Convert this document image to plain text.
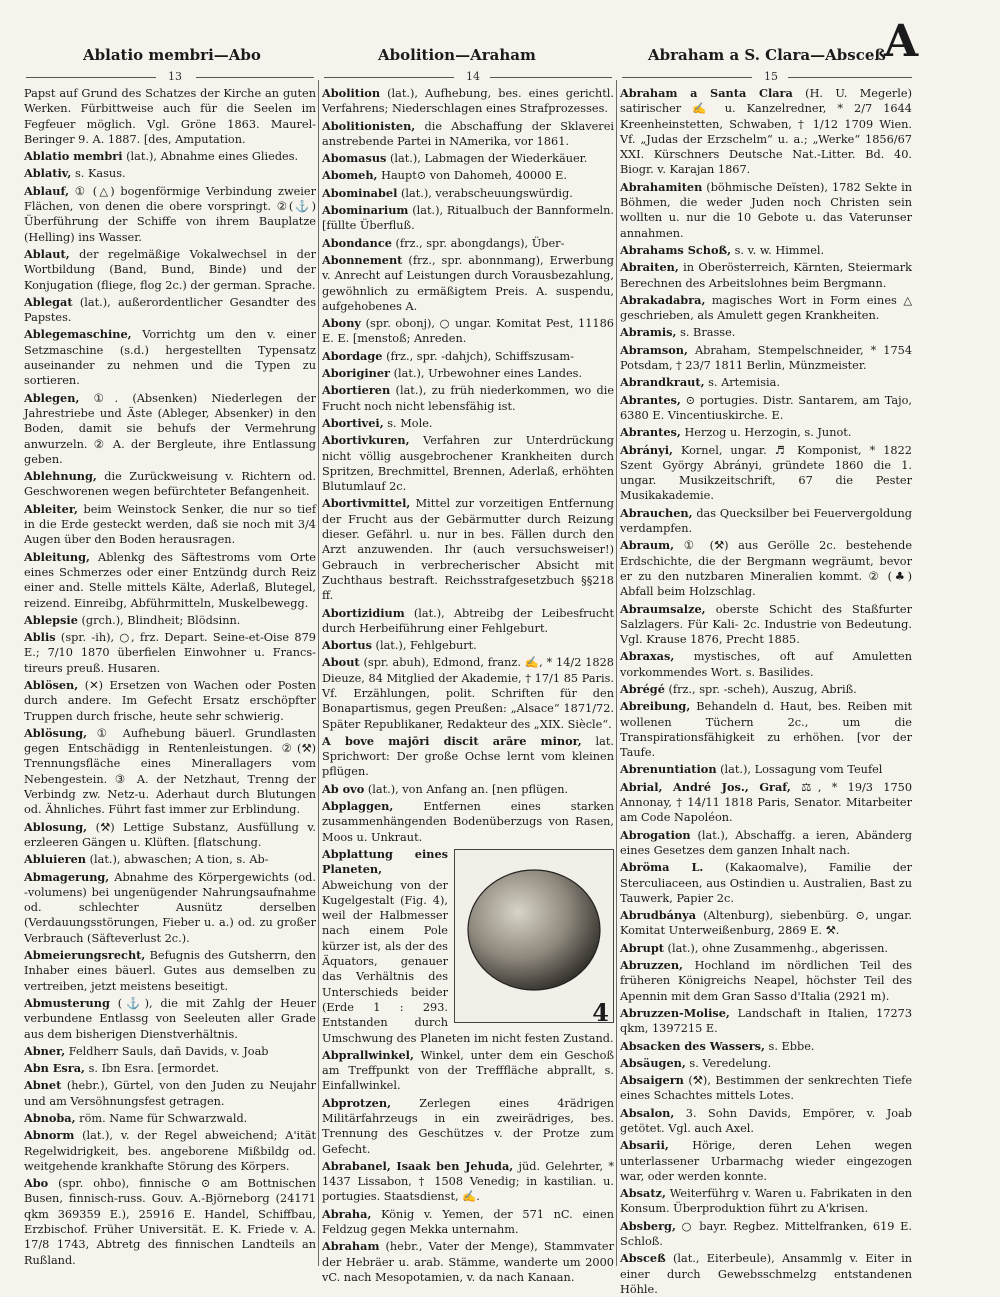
Ablatio membri—Abo	Abolition—Araham	Abraham a S. Clara—Absceß
A
13	14	15

Papst auf Grund des Schatzes der Kirche an guten Werken. Fürbittweise auch für die Seelen im Fegfeuer möglich. Vgl. Gröne 1863. Maurel-Beringer 9. A. 1887. [des, Amputation.

Ablatio membri (lat.), Abnahme eines Gliedes.

Ablativ, s. Kasus.

Ablauf, ① (△) bogenförmige Verbindung zweier Flächen, von denen die obere vorspringt. ②(⚓) Überführung der Schiffe von ihrem Bauplatze (Helling) ins Wasser.

Ablaut, der regelmäßige Vokalwechsel in der Wortbildung (Band, Bund, Binde) und der Konjugation (fliege, flog 2c.) der german. Sprache.

Ablegat (lat.), außerordentlicher Gesandter des Papstes.

Ablegemaschine, Vorrichtg um den v. einer Setzmaschine (s.d.) hergestellten Typensatz auseinander zu nehmen und die Typen zu sortieren.

Ablegen, ①. (Absenken) Niederlegen der Jahrestriebe und Äste (Ableger, Absenker) in den Boden, damit sie behufs der Vermehrung anwurzeln. ② A. der Bergleute, ihre Entlassung geben.

Ablehnung, die Zurückweisung v. Richtern od. Geschworenen wegen befürchteter Befangenheit.

Ableiter, beim Weinstock Senker, die nur so tief in die Erde gesteckt werden, daß sie noch mit 3/4 Augen über den Boden herausragen.

Ableitung, Ablenkg des Säftestroms vom Orte eines Schmerzes oder einer Entzündg durch Reiz einer and. Stelle mittels Kälte, Aderlaß, Blutegel, reizend. Einreibg, Abführmitteln, Muskelbewegg.

Ablepsie (grch.), Blindheit; Blödsinn.

Ablis (spr. -ih), ○, frz. Depart. Seine-et-Oise 879 E.; 7/10 1870 überfielen Einwohner u. Francs-tireurs preuß. Husaren.

Ablösen, (✕) Ersetzen von Wachen oder Posten durch andere. Im Gefecht Ersatz erschöpfter Truppen durch frische, heute sehr schwierig.

Ablösung, ① Aufhebung bäuerl. Grundlasten gegen Entschädigg in Rentenleistungen. ②(⚒) Trennungsfläche eines Minerallagers vom Nebengestein. ③ A. der Netzhaut, Trenng der Verbindg zw. Netz-u. Aderhaut durch Blutungen od. Ähnliches. Führt fast immer zur Erblindung.

Ablosung, (⚒) Lettige Substanz, Ausfüllung v. erzleeren Gängen u. Klüften. [flatschung.

Abluieren (lat.), abwaschen; A tion, s. Ab-

Abmagerung, Abnahme des Körpergewichts (od. -volumens) bei ungenügender Nahrungsaufnahme od. schlechter Ausnütz derselben (Verdauungsstörungen, Fieber u. a.) od. zu großer Verbrauch (Säfteverlust 2c.).

Abmeierungsrecht, Befugnis des Gutsherrn, den Inhaber eines bäuerl. Gutes aus demselben zu vertreiben, jetzt meistens beseitigt.

Abmusterung (⚓), die mit Zahlg der Heuer verbundene Entlassg von Seeleuten aller Grade aus dem bisherigen Dienstverhältnis.

Abner, Feldherr Sauls, dañ Davids, v. Joab

Abn Esra, s. Ibn Esra. [ermordet.

Abnet (hebr.), Gürtel, von den Juden zu Neujahr und am Versöhnungsfest getragen.

Abnoba, röm. Name für Schwarzwald.

Abnorm (lat.), v. der Regel abweichend; A'ität Regelwidrigkeit, bes. angeborene Mißbildg od. weitgehende krankhafte Störung des Körpers.

Abo (spr. ohbo), finnische ⊙ am Bottnischen Busen, finnisch-russ. Gouv. A.-Björneborg (24171 qkm 369359 E.), 25916 E. Handel, Schiffbau, Erzbischof. Früher Universität. E. K. Friede v. A. 17/8 1743, Abtretg des finnischen Landteils an Rußland.

Abolition (lat.), Aufhebung, bes. eines gerichtl. Verfahrens; Niederschlagen eines Strafprozesses.

Abolitionisten, die Abschaffung der Sklaverei anstrebende Partei in NAmerika, vor 1861.

Abomasus (lat.), Labmagen der Wiederkäuer.

Abomeh, Haupt⊙ von Dahomeh, 40000 E.

Abominabel (lat.), verabscheuungswürdig.

Abominarium (lat.), Ritualbuch der Bannformeln. [füllte Überfluß.

Abondance (frz., spr. abongdangs), Über-

Abonnement (frz., spr. abonnmang), Erwerbung v. Anrecht auf Leistungen durch Vorausbezahlung, gewöhnlich zu ermäßigtem Preis. A. suspendu, aufgehobenes A.

Abony (spr. obonj), ○ ungar. Komitat Pest, 11186 E. E. [menstoß; Anreden.

Abordage (frz., spr. -dahjch), Schiffszusam-

Aboriginer (lat.), Urbewohner eines Landes.

Abortieren (lat.), zu früh niederkommen, wo die Frucht noch nicht lebensfähig ist.

Abortivei, s. Mole.

Abortivkuren, Verfahren zur Unterdrückung nicht völlig ausgebrochener Krankheiten durch Spritzen, Brechmittel, Brennen, Aderlaß, erhöhten Blutumlauf 2c.

Abortivmittel, Mittel zur vorzeitigen Entfernung der Frucht aus der Gebärmutter durch Reizung dieser. Gefährl. u. nur in bes. Fällen durch den Arzt anzuwenden. Ihr (auch versuchsweiser!) Gebrauch in verbrecherischer Absicht mit Zuchthaus bestraft. Reichsstrafgesetzbuch §§218 ff.

Abortizidium (lat.), Abtreibg der Leibesfrucht durch Herbeiführung einer Fehlgeburt.

Abortus (lat.), Fehlgeburt.

About (spr. abuh), Edmond, franz. ✍, * 14/2 1828 Dieuze, 84 Mitglied der Akademie, † 17/1 85 Paris. Vf. Erzählungen, polit. Schriften für den Bonapartismus, gegen Preußen: „Alsace“ 1871/72. Später Republikaner, Redakteur des „XIX. Siècle“.

A bove majōri discit arāre minor, lat. Sprichwort: Der große Ochse lernt vom kleinen pflügen.

Ab ovo (lat.), von Anfang an. [nen pflügen.

Abplaggen,	Entfernen eines starken zusammenhängenden Bodenüberzugs von Rasen, Moos u. Unkraut.

4
Abplattung eines Planeten, Abweichung von der Kugelgestalt (Fig. 4), weil der Halbmesser nach einem Pole kürzer ist, als der des Äquators, genauer das Verhältnis des Unterschieds beider (Erde 1 : 293. Entstanden durch Umschwung des Planeten im nicht festen Zustand.

Abprallwinkel, Winkel, unter dem ein Geschoß am Treffpunkt von der Trefffläche abprallt, s. Einfallwinkel.

Abprotzen,	Zerlegen eines 4rädrigen Militärfahrzeugs in ein zweirädriges, bes. Trennung des Geschützes v. der Protze zum Gefecht.

Abrabanel, Isaak ben Jehuda, jüd. Gelehrter, * 1437 Lissabon, † 1508 Venedig; in kastilian. u. portugies. Staatsdienst, ✍.

Abraha, König v. Yemen, der 571 nC. einen Feldzug gegen Mekka unternahm.

Abraham (hebr., Vater der Menge), Stammvater der Hebräer u. arab. Stämme, wanderte um 2000 vC. nach Mesopotamien, v. da nach Kanaan.

Abraham a Santa Clara (H. U. Megerle) satirischer ✍ u. Kanzelredner, * 2/7 1644 Kreenheinstetten, Schwaben, † 1/12 1709 Wien. Vf. „Judas der Erzschelm“ u. a.; „Werke“ 1856/67 XXI. Kürschners Deutsche Nat.-Litter. Bd. 40. Biogr. v. Karajan 1867.

Abrahamiten (böhmische Deïsten), 1782 Sekte in Böhmen, die weder Juden noch Christen sein wollten u. nur die 10 Gebote u. das Vaterunser annahmen.

Abrahams Schoß, s. v. w. Himmel.

Abraiten, in Oberösterreich, Kärnten, Steiermark Berechnen des Arbeitslohnes beim Bergmann.

Abrakadabra, magisches Wort in Form eines △ geschrieben, als Amulett gegen Krankheiten.

Abramis, s. Brasse.

Abramson, Abraham, Stempelschneider, * 1754 Potsdam, † 23/7 1811 Berlin, Münzmeister.

Abrandkraut, s. Artemisia.

Abrantes, ⊙ portugies. Distr. Santarem, am Tajo, 6380 E. Vincentiuskirche. E.

Abrantes, Herzog u. Herzogin, s. Junot.

Abrányi, Kornel, ungar. ♬ Komponist, * 1822 Szent György Abrányi, gründete 1860 die 1. ungar. Musikzeitschrift, 67 die Pester Musikakademie.

Abrauchen, das Quecksilber bei Feuervergoldung verdampfen.

Abraum, ① (⚒) aus Gerölle 2c. bestehende Erdschichte, die der Bergmann wegräumt, bevor er zu den nutzbaren Mineralien kommt. ② (♣) Abfall beim Holzschlag.

Abraumsalze, oberste Schicht des Staßfurter Salzlagers. Für Kali- 2c. Industrie von Bedeutung. Vgl. Krause 1876, Precht 1885.

Abraxas, mystisches, oft auf Amuletten vorkommendes Wort. s. Basilides.

Abrégé (frz., spr. -scheh), Auszug, Abriß.

Abreibung, Behandeln d. Haut, bes. Reiben mit wollenen Tüchern 2c., um die Transpirationsfähigkeit zu erhöhen. [vor der Taufe.

Abrenuntiation (lat.), Lossagung vom Teufel

Abrial, André Jos., Graf, ⚖, * 19/3 1750 Annonay, † 14/11 1818 Paris, Senator. Mitarbeiter am Code Napoléon.

Abrogation (lat.), Abschaffg. a ieren, Abänderg eines Gesetzes dem ganzen Inhalt nach.

Abröma L. (Kakaomalve), Familie der Sterculiaceen, aus Ostindien u. Australien, Bast zu Tauwerk, Papier 2c.

Abrudbánya (Altenburg), siebenbürg. ⊙, ungar. Komitat Unterweißenburg, 2869 E. ⚒.

Abrupt (lat.), ohne Zusammenhg., abgerissen.

Abruzzen, Hochland im nördlichen Teil des früheren Königreichs Neapel, höchster Teil des Apennin mit dem Gran Sasso d'Italia (2921 m).

Abruzzen-Molise, Landschaft in Italien, 17273 qkm, 1397215 E.

Absacken des Wassers, s. Ebbe.

Absäugen, s. Veredelung.

Absaigern (⚒), Bestimmen der senkrechten Tiefe eines Schachtes mittels Lotes.

Absalon, 3. Sohn Davids, Empörer, v. Joab getötet. Vgl. auch Axel.

Absarii, Hörige, deren Lehen wegen unterlassener Urbarmachg wieder eingezogen war, oder werden konnte.

Absatz, Weiterführg v. Waren u. Fabrikaten in den Konsum. Überproduktion führt zu A'krisen.

Absberg, ○ bayr. Regbez. Mittelfranken, 619 E. Schloß.

Absceß (lat., Eiterbeule), Ansammlg v. Eiter in einer durch Gewebsschmelzg entstandenen Höhle.
